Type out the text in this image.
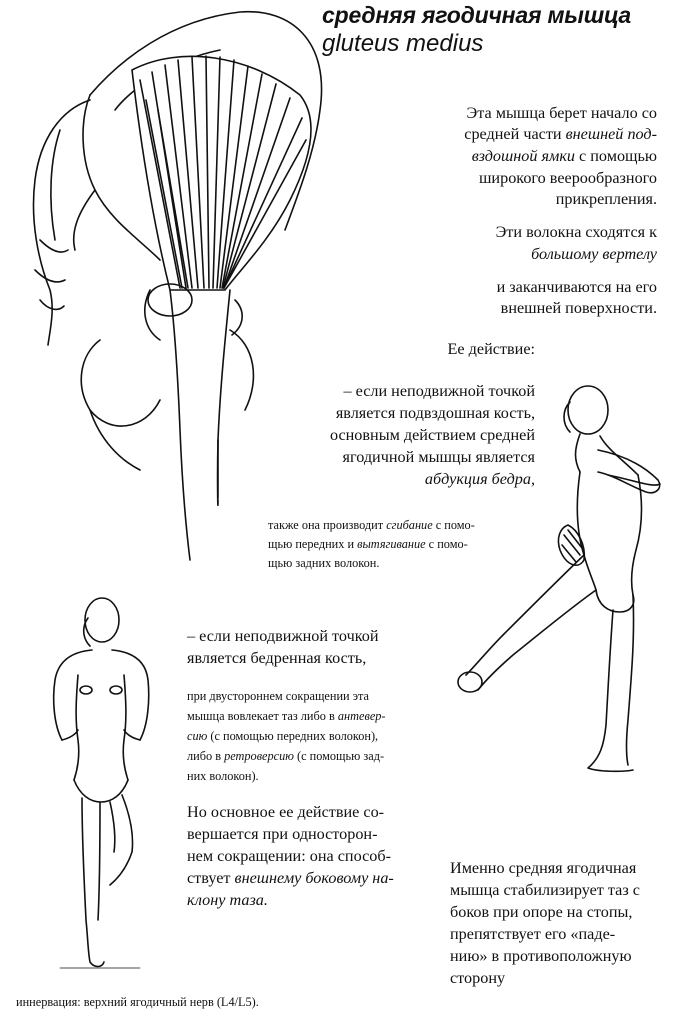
средняя ягодичная мышца
gluteus medius

Эта мышца берет начало со

средней части внешней под-

вздошной ямки с помощью

широкого веерообразного

прикрепления.

Эти волокна сходятся к

большому вертелу

и заканчиваются на его

внешней поверхности.

Ее действие:

– если неподвижной точкой

является подвздошная кость,

основным действием средней

ягодичной мышцы является

абдукция бедра,

также она производит сгибание с помо-

щью передних и вытягивание с помо-

щью задних волокон.

– если неподвижной точкой

является бедренная кость,

при двустороннем сокращении эта

мышца вовлекает таз либо в антевер-

сию (с помощью передних волокон),

либо в ретроверсию (с помощью зад-

них волокон).

Но основное ее действие со-

вершается при односторон-

нем сокращении: она способ-

ствует внешнему боковому на-

клону таза.

Именно средняя ягодичная

мышца стабилизирует таз с

боков при опоре на стопы,

препятствует его «паде-

нию» в противоположную

сторону

иннервация: верхний ягодичный нерв (L4/L5).
